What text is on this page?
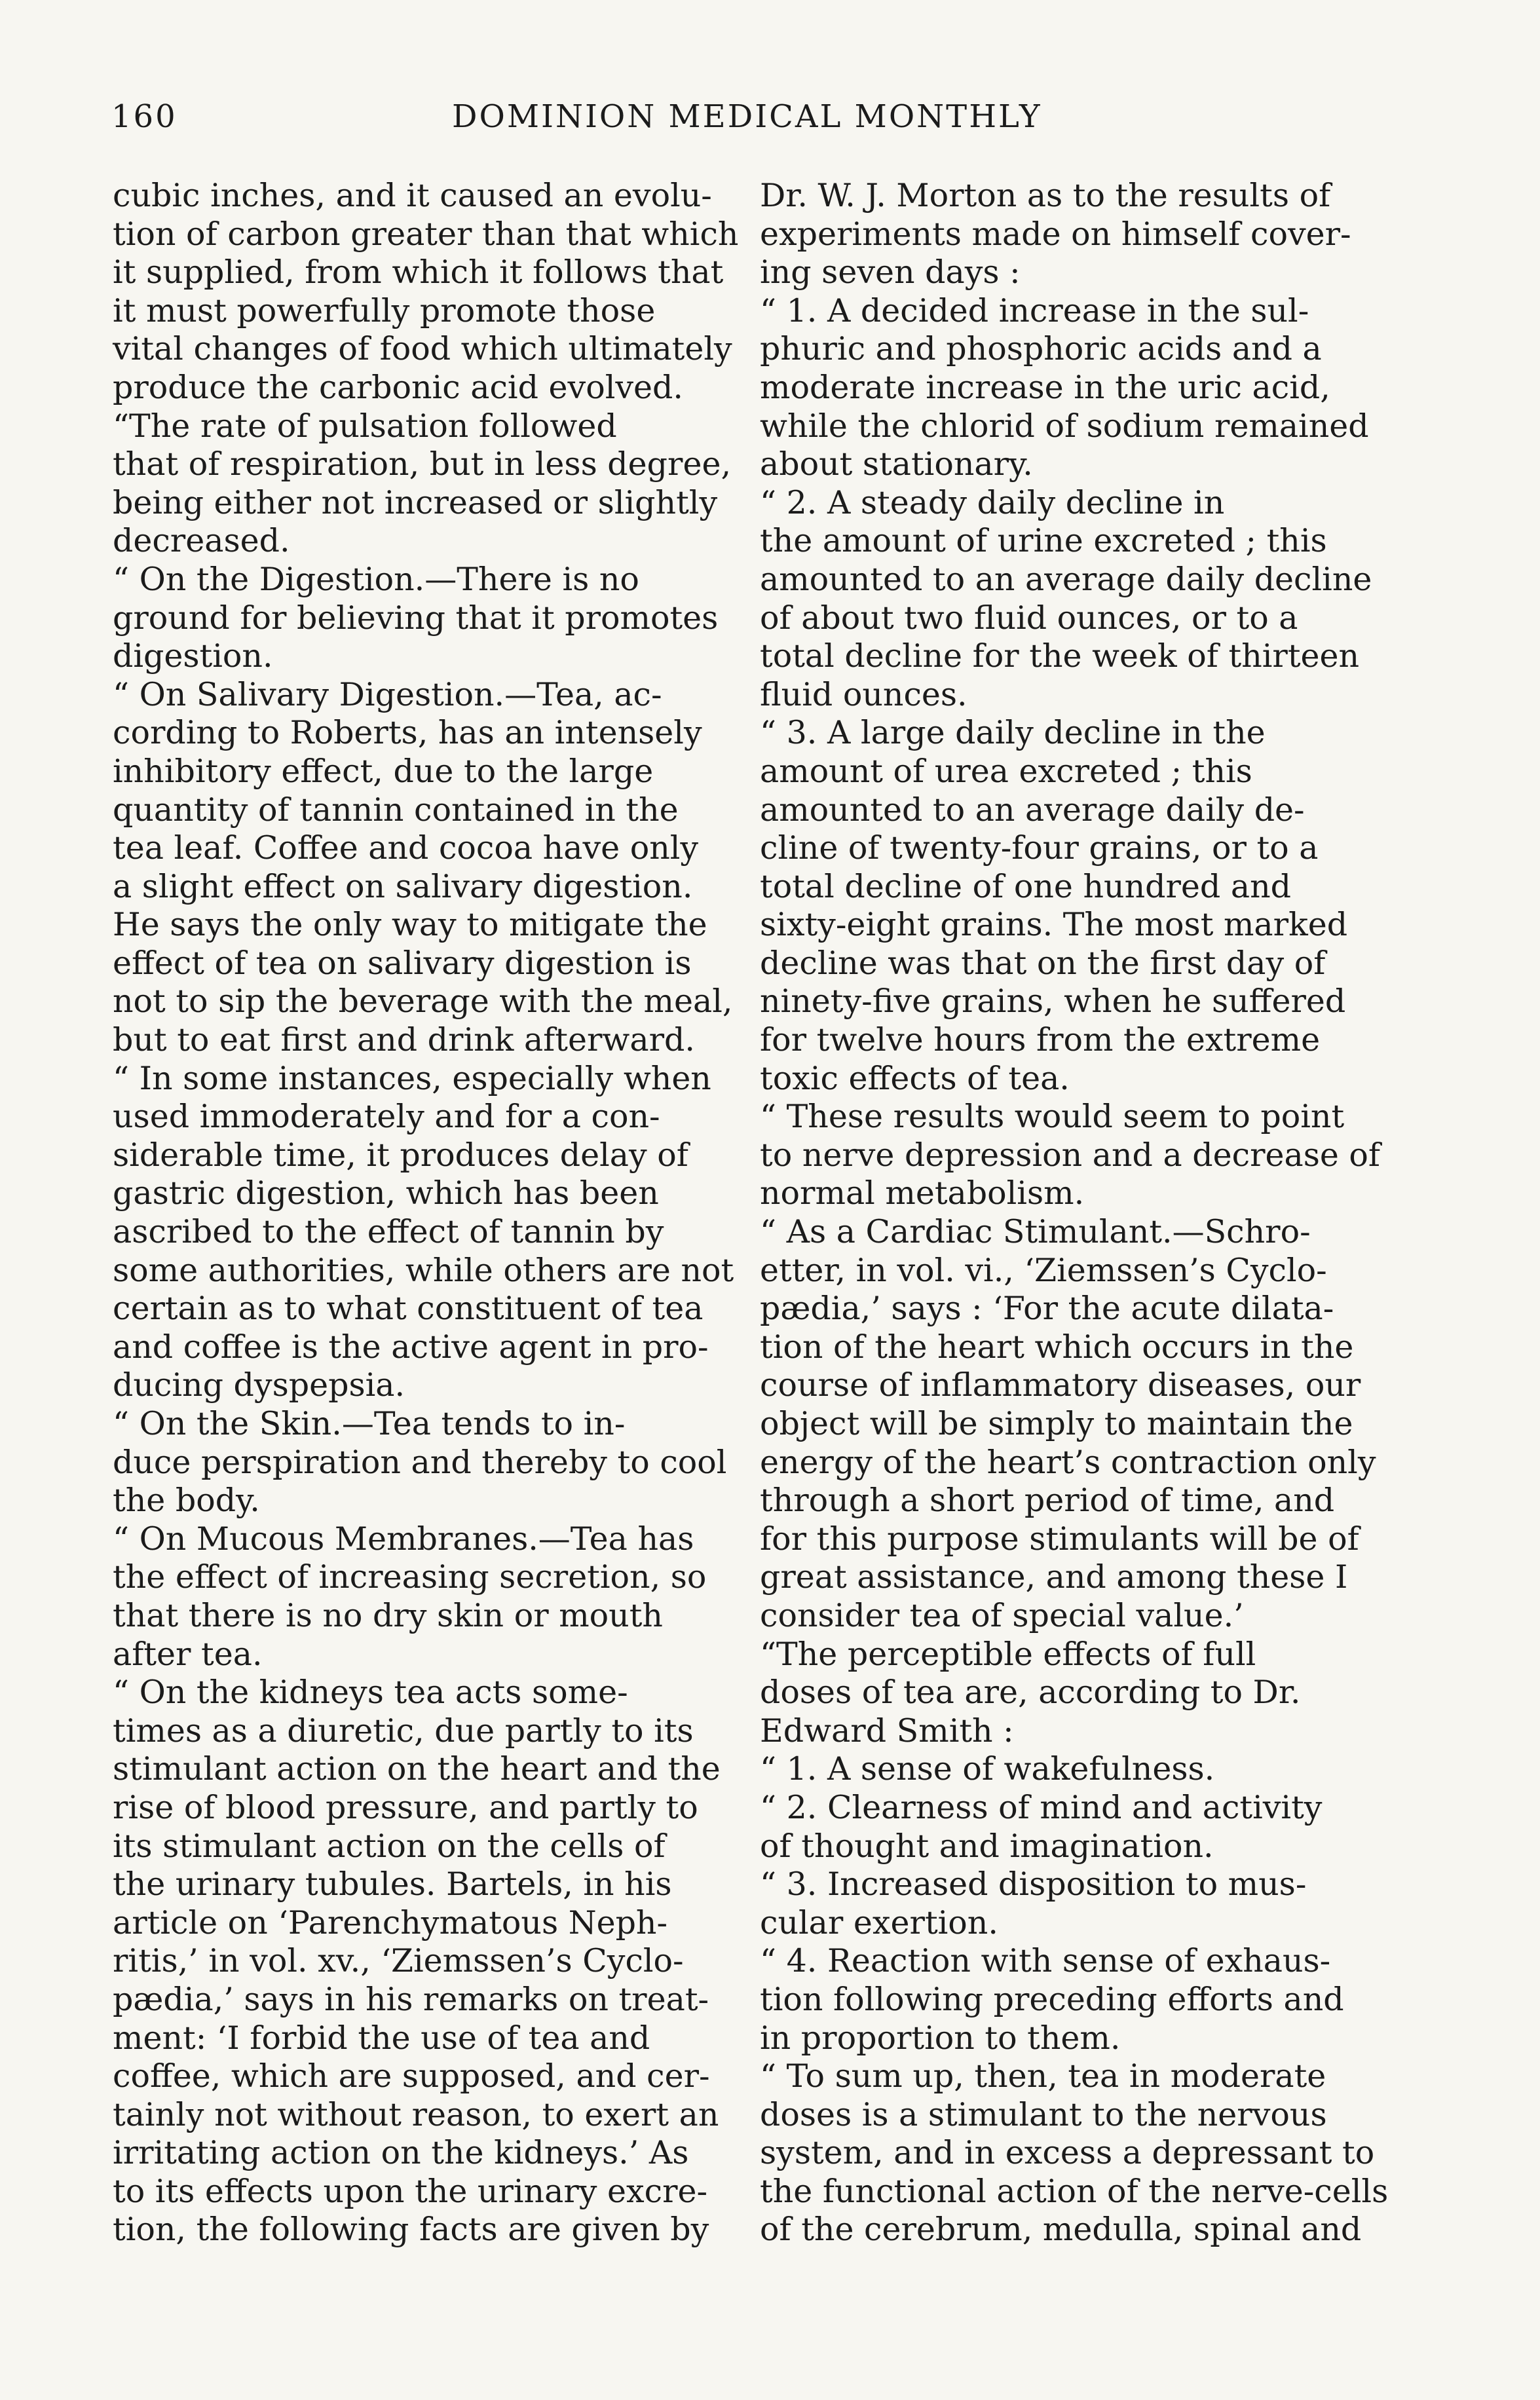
160	DOMINION MEDICAL MONTHLY
cubic inches, and it caused an evolu-
tion of carbon greater than that which
it supplied, from which it follows that
it must powerfully promote those
vital changes of food which ultimately
produce the carbonic acid evolved.
“The rate of pulsation followed
that of respiration, but in less degree,
being either not increased or slightly
decreased.
“ On the Digestion.—There is no
ground for believing that it promotes
digestion.
“ On Salivary Digestion.—Tea, ac-
cording to Roberts, has an intensely
inhibitory effect, due to the large
quantity of tannin contained in the
tea leaf. Coffee and cocoa have only
a slight effect on salivary digestion.
He says the only way to mitigate the
effect of tea on salivary digestion is
not to sip the beverage with the meal,
but to eat first and drink afterward.
“ In some instances, especially when
used immoderately and for a con-
siderable time, it produces delay of
gastric digestion, which has been
ascribed to the effect of tannin by
some authorities, while others are not
certain as to what constituent of tea
and coffee is the active agent in pro-
ducing dyspepsia.
“ On the Skin.—Tea tends to in-
duce perspiration and thereby to cool
the body.
“ On Mucous Membranes.—Tea has
the effect of increasing secretion, so
that there is no dry skin or mouth
after tea.
“ On the kidneys tea acts some-
times as a diuretic, due partly to its
stimulant action on the heart and the
rise of blood pressure, and partly to
its stimulant action on the cells of
the urinary tubules. Bartels, in his
article on ‘Parenchymatous Neph-
ritis,’ in vol. xv., ‘Ziemssen’s Cyclo-
pædia,’ says in his remarks on treat-
ment: ‘I forbid the use of tea and
coffee, which are supposed, and cer-
tainly not without reason, to exert an
irritating action on the kidneys.’ As
to its effects upon the urinary excre-
tion, the following facts are given by
Dr. W. J. Morton as to the results of
experiments made on himself cover-
ing seven days :
“ 1. A decided increase in the sul-
phuric and phosphoric acids and a
moderate increase in the uric acid,
while the chlorid of sodium remained
about stationary.
“ 2. A steady daily decline in
the amount of urine excreted ; this
amounted to an average daily decline
of about two fluid ounces, or to a
total decline for the week of thirteen
fluid ounces.
“ 3. A large daily decline in the
amount of urea excreted ; this
amounted to an average daily de-
cline of twenty-four grains, or to a
total decline of one hundred and
sixty-eight grains. The most marked
decline was that on the first day of
ninety-five grains, when he suffered
for twelve hours from the extreme
toxic effects of tea.
“ These results would seem to point
to nerve depression and a decrease of
normal metabolism.
“ As a Cardiac Stimulant.—Schro-
etter, in vol. vi., ‘Ziemssen’s Cyclo-
pædia,’ says : ‘For the acute dilata-
tion of the heart which occurs in the
course of inflammatory diseases, our
object will be simply to maintain the
energy of the heart’s contraction only
through a short period of time, and
for this purpose stimulants will be of
great assistance, and among these I
consider tea of special value.’
“The perceptible effects of full
doses of tea are, according to Dr.
Edward Smith :
“ 1. A sense of wakefulness.
“ 2. Clearness of mind and activity
of thought and imagination.
“ 3. Increased disposition to mus-
cular exertion.
“ 4. Reaction with sense of exhaus-
tion following preceding efforts and
in proportion to them.
“ To sum up, then, tea in moderate
doses is a stimulant to the nervous
system, and in excess a depressant to
the functional action of the nerve-cells
of the cerebrum, medulla, spinal and
